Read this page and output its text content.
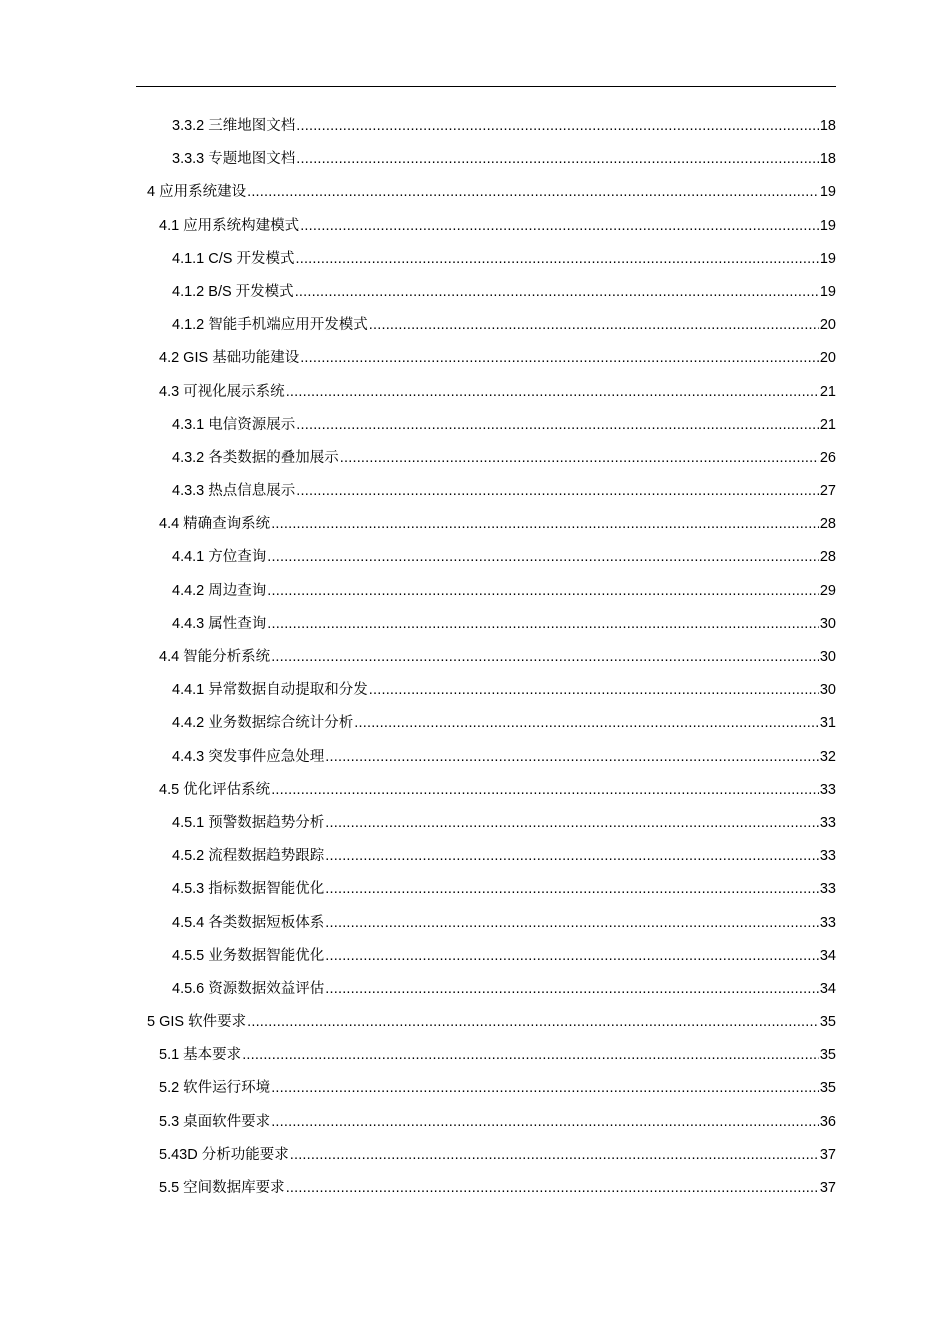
3.3.2 三维地图文档 .....	18
3.3.3 专题地图文档 .....	18
4 应用系统建设 .....	19
4.1 应用系统构建模式 .....	19
4.1.1 C/S 开发模式 .....	19
4.1.2 B/S 开发模式 .....	19
4.1.2 智能手机端应用开发模式 .....	20
4.2 GIS 基础功能建设 .....	20
4.3 可视化展示系统 .....	21
4.3.1 电信资源展示 .....	21
4.3.2 各类数据的叠加展示 .....	26
4.3.3 热点信息展示 .....	27
4.4 精确查询系统 .....	28
4.4.1 方位查询 .....	28
4.4.2 周边查询 .....	29
4.4.3 属性查询 .....	30
4.4 智能分析系统 .....	30
4.4.1 异常数据自动提取和分发 .....	30
4.4.2 业务数据综合统计分析 .....	31
4.4.3 突发事件应急处理 .....	32
4.5 优化评估系统 .....	33
4.5.1 预警数据趋势分析 .....	33
4.5.2 流程数据趋势跟踪 .....	33
4.5.3 指标数据智能优化 .....	33
4.5.4 各类数据短板体系 .....	33
4.5.5 业务数据智能优化 .....	34
4.5.6 资源数据效益评估 .....	34
5 GIS 软件要求 .....	35
5.1 基本要求 .....	35
5.2 软件运行环境 .....	35
5.3 桌面软件要求 .....	36
5.43D 分析功能要求 .....	37
5.5 空间数据库要求 .....	37
